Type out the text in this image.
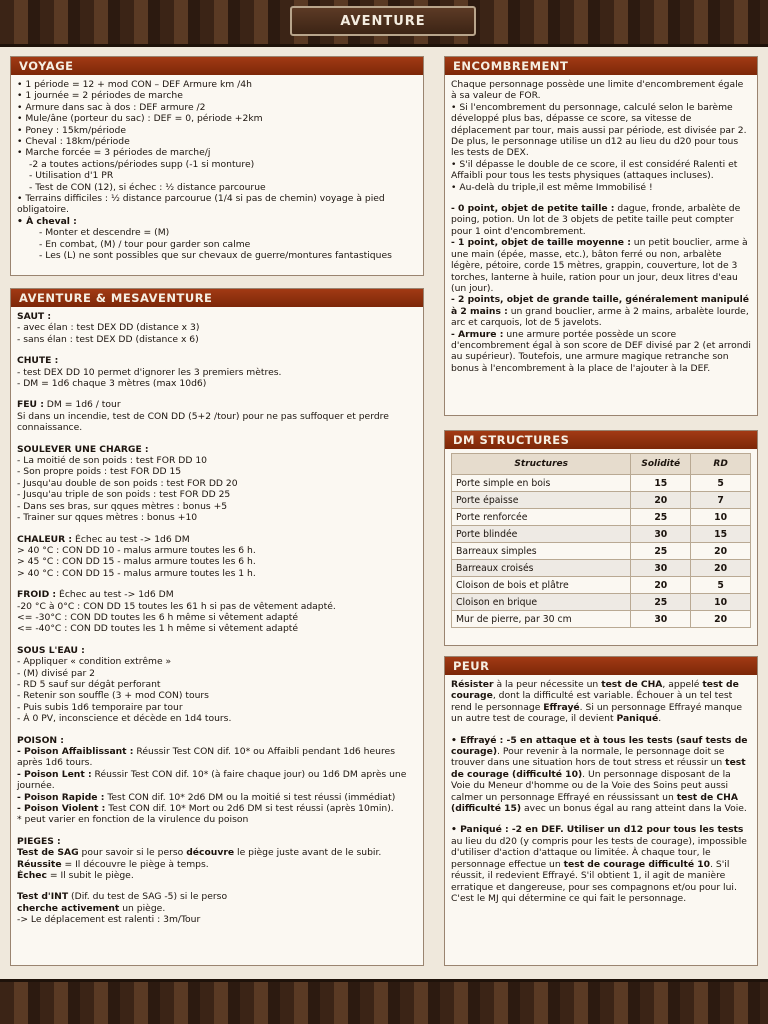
AVENTURE
VOYAGE
• 1 période = 12 + mod CON – DEF Armure km /4h
• 1 journée = 2 périodes de marche
• Armure dans sac à dos : DEF armure /2
• Mule/âne (porteur du sac) : DEF = 0, période +2km
• Poney : 15km/période
• Cheval : 18km/période
• Marche forcée = 3 périodes de marche/j
-2 a toutes actions/périodes supp (-1 si monture)
- Utilisation d'1 PR
- Test de CON (12), si échec : ½ distance parcourue
• Terrains difficiles : ½ distance parcourue (1/4 si pas de chemin) voyage à pied obligatoire.
• À cheval :
- Monter et descendre = (M)
- En combat, (M) / tour pour garder son calme
- Les (L) ne sont possibles que sur chevaux de guerre/montures fantastiques
AVENTURE & MESAVENTURE
SAUT :
- avec élan : test DEX DD (distance x 3)
- sans élan : test DEX DD (distance x 6)
CHUTE :
- test DEX DD 10 permet d'ignorer les 3 premiers mètres.
- DM = 1d6 chaque 3 mètres (max 10d6)
FEU : DM = 1d6 / tour
Si dans un incendie, test de CON DD (5+2 /tour) pour ne pas suffoquer et perdre connaissance.
SOULEVER UNE CHARGE :
- La moitié de son poids : test FOR DD 10
- Son propre poids : test FOR DD 15
- Jusqu'au double de son poids : test FOR DD 20
- Jusqu'au triple de son poids : test FOR DD 25
- Dans ses bras, sur qques mètres : bonus +5
- Trainer sur qques mètres : bonus +10
CHALEUR : Échec au test -> 1d6 DM
> 40 °C : CON DD 10 - malus armure toutes les 6 h.
> 45 °C : CON DD 15 - malus armure toutes les 6 h.
> 40 °C : CON DD 15 - malus armure toutes les 1 h.
FROID : Échec au test -> 1d6 DM
-20 °C à 0°C : CON DD 15 toutes les 61 h si pas de vêtement adapté.
<= -30°C : CON DD toutes les 6 h même si vêtement adapté
<= -40°C : CON DD toutes les 1 h même si vêtement adapté
SOUS L'EAU :
- Appliquer « condition extrême »
- (M) divisé par 2
- RD 5 sauf sur dégât perforant
- Retenir son souffle (3 + mod CON) tours
- Puis subis 1d6 temporaire par tour
- À 0 PV, inconscience et décède en 1d4 tours.
POISON :
- Poison Affaiblissant : Réussir Test CON dif. 10* ou Affaibli pendant 1d6 heures après 1d6 tours.
- Poison Lent : Réussir Test CON dif. 10* (à faire chaque jour) ou 1d6 DM après une journée.
- Poison Rapide : Test CON dif. 10* 2d6 DM ou la moitié si test réussi (immédiat)
- Poison Violent : Test CON dif. 10* Mort ou 2d6 DM si test réussi (après 10min).
* peut varier en fonction de la virulence du poison
PIEGES :
Test de SAG pour savoir si le perso découvre le piège juste avant de le subir.
Réussite = Il découvre le piège à temps.
Échec = Il subit le piège.
Test d'INT (Dif. du test de SAG -5) si le perso
cherche activement un piège.
-> Le déplacement est ralenti : 3m/Tour
ENCOMBREMENT
Chaque personnage possède une limite d'encombrement égale à sa valeur de FOR.
• Si l'encombrement du personnage, calculé selon le barème développé plus bas, dépasse ce score, sa vitesse de déplacement par tour, mais aussi par période, est divisée par 2. De plus, le personnage utilise un d12 au lieu du d20 pour tous les tests de DEX.
• S'il dépasse le double de ce score, il est considéré Ralenti et Affaibli pour tous les tests physiques (attaques incluses).
• Au-delà du triple,il est même Immobilisé !
- 0 point, objet de petite taille : dague, fronde, arbalète de poing, potion. Un lot de 3 objets de petite taille peut compter pour 1 oint d'encombrement.
- 1 point, objet de taille moyenne : un petit bouclier, arme à une main (épée, masse, etc.), bâton ferré ou non, arbalète légère, pétoire, corde 15 mètres, grappin, couverture, lot de 3 torches, lanterne à huile, ration pour un jour, deux litres d'eau (un jour).
- 2 points, objet de grande taille, généralement manipulé à 2 mains : un grand bouclier, arme à 2 mains, arbalète lourde, arc et carquois, lot de 5 javelots.
- Armure : une armure portée possède un score d'encombrement égal à son score de DEF divisé par 2 (et arrondi au supérieur). Toutefois, une armure magique retranche son bonus à l'encombrement à la place de l'ajouter à la DEF.
DM STRUCTURES
Structures	Solidité	RD
Porte simple en bois	15	5
Porte épaisse	20	7
Porte renforcée	25	10
Porte blindée	30	15
Barreaux simples	25	20
Barreaux croisés	30	20
Cloison de bois et plâtre	20	5
Cloison en brique	25	10
Mur de pierre, par 30 cm	30	20
PEUR
Résister à la peur nécessite un test de CHA, appelé test de courage, dont la difficulté est variable. Échouer à un tel test rend le personnage Effrayé. Si un personnage Effrayé manque un autre test de courage, il devient Paniqué.
• Effrayé : -5 en attaque et à tous les tests (sauf tests de courage). Pour revenir à la normale, le personnage doit se trouver dans une situation hors de tout stress et réussir un test de courage (difficulté 10). Un personnage disposant de la Voie du Meneur d'homme ou de la Voie des Soins peut aussi calmer un personnage Effrayé en réussissant un test de CHA (difficulté 15) avec un bonus égal au rang atteint dans la Voie.
• Paniqué : -2 en DEF. Utiliser un d12 pour tous les tests au lieu du d20 (y compris pour les tests de courage), impossible d'utiliser d'action d'attaque ou limitée. À chaque tour, le personnage effectue un test de courage difficulté 10. S'il réussit, il redevient Effrayé. S'il obtient 1, il agit de manière erratique et dangereuse, pour ses compagnons et/ou pour lui. C'est le MJ qui détermine ce qui fait le personnage.
